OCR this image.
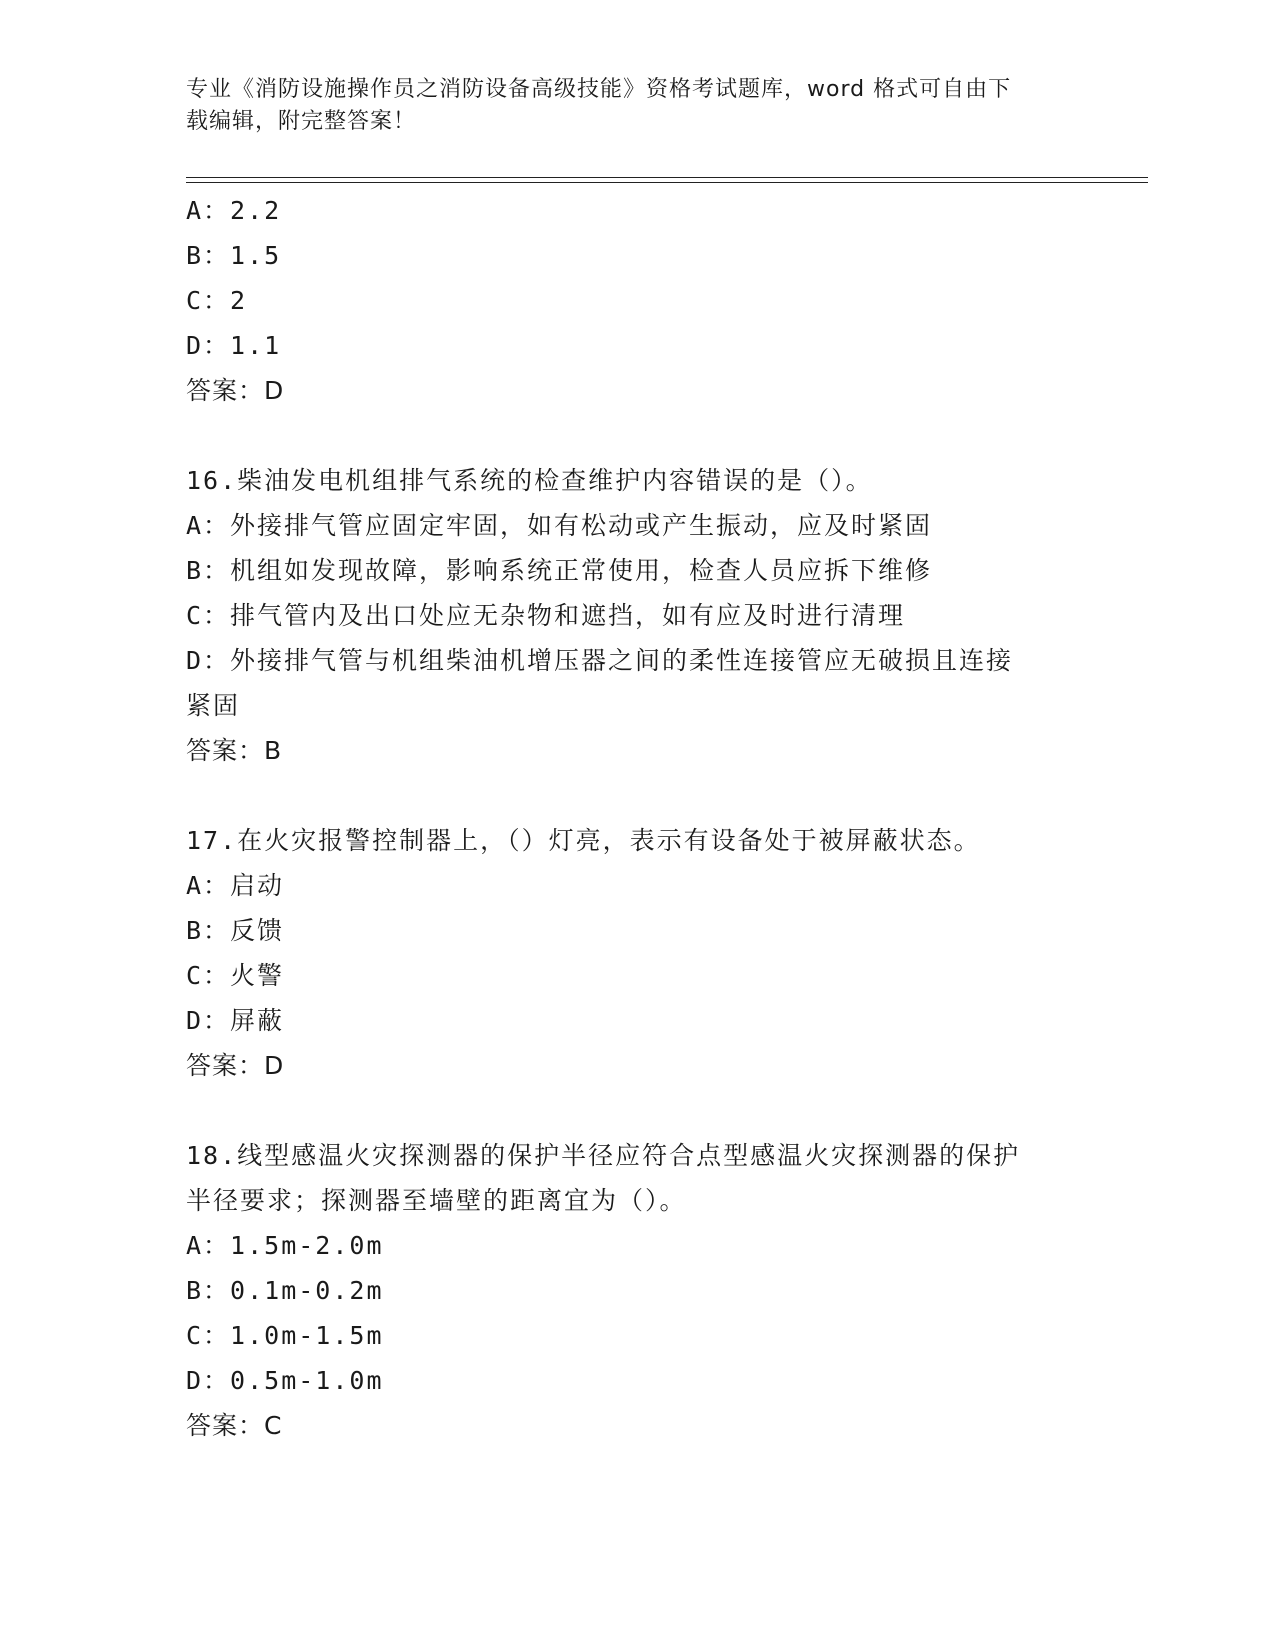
专业《消防设施操作员之消防设备高级技能》资格考试题库，word 格式可自由下
载编辑，附完整答案！

A：2.2

B：1.5

C：2

D：1.1

答案：D

16.柴油发电机组排气系统的检查维护内容错误的是（）。

A：外接排气管应固定牢固，如有松动或产生振动，应及时紧固

B：机组如发现故障，影响系统正常使用，检查人员应拆下维修

C：排气管内及出口处应无杂物和遮挡，如有应及时进行清理

D：外接排气管与机组柴油机增压器之间的柔性连接管应无破损且连接

紧固

答案：B

17.在火灾报警控制器上，（）灯亮，表示有设备处于被屏蔽状态。

A：启动

B：反馈

C：火警

D：屏蔽

答案：D

18.线型感温火灾探测器的保护半径应符合点型感温火灾探测器的保护

半径要求；探测器至墙壁的距离宜为（）。

A：1.5m-2.0m

B：0.1m-0.2m

C：1.0m-1.5m

D：0.5m-1.0m

答案：C
